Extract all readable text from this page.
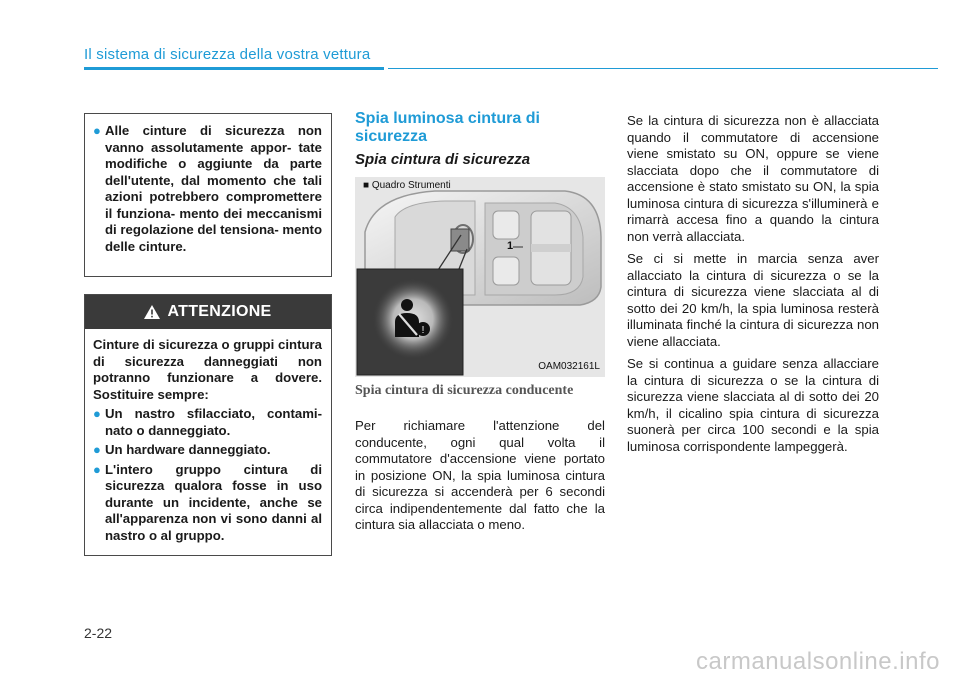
Il sistema di sicurezza della vostra vettura
● Alle cinture di sicurezza non vanno assolutamente appor- tate modifiche o aggiunte da parte dell'utente, dal momento che tali azioni potrebbero compromettere il funziona- mento dei meccanismi di regolazione del tensiona- mento delle cinture.
ATTENZIONE

Cinture di sicurezza o gruppi cintura di sicurezza danneggiati non potranno funzionare a dovere. Sostituire sempre:

● Un nastro sfilacciato, contami- nato o danneggiato.
● Un hardware danneggiato.
● L'intero gruppo cintura di sicurezza qualora fosse in uso durante un incidente, anche se all'apparenza non vi sono danni al nastro o al gruppo.
Spia luminosa cintura di sicurezza
Spia cintura di sicurezza
!
■ Quadro Strumenti
1
OAM032161L
Spia cintura di sicurezza conducente

Per richiamare l'attenzione del conducente, ogni qual volta il commutatore d'accensione viene portato in posizione ON, la spia luminosa cintura di sicurezza si accenderà per 6 secondi circa indipendentemente dal fatto che la cintura sia allacciata o meno.

Se la cintura di sicurezza non è allacciata quando il commutatore di accensione viene smistato su ON, oppure se viene slacciata dopo che il commutatore di accensione è stato smistato su ON, la spia luminosa cintura di sicurezza s'illuminerà e rimarrà accesa fino a quando la cintura non verrà allacciata.

Se ci si mette in marcia senza aver allacciato la cintura di sicurezza o se la cintura di sicurezza viene slacciata al di sotto dei 20 km/h, la spia luminosa resterà illuminata finché la cintura di sicurezza non viene allacciata.

Se si continua a guidare senza allacciare la cintura di sicurezza o se la cintura di sicurezza viene slacciata al di sotto dei 20 km/h, il cicalino spia cintura di sicurezza suonerà per circa 100 secondi e la spia luminosa corrispondente lampeggerà.

2-22
carmanualsonline.info
